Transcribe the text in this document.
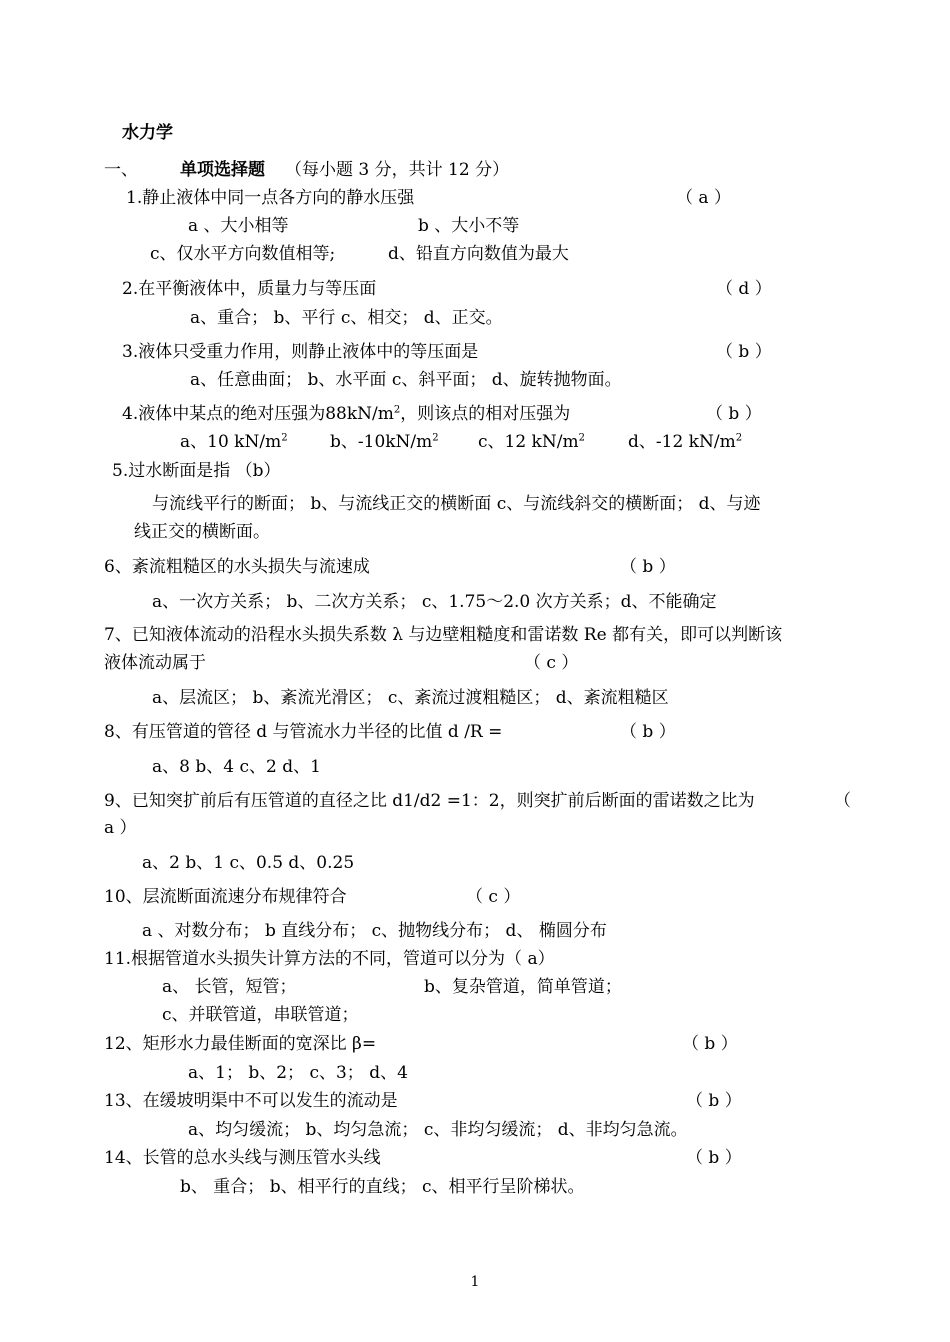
水力学
一、 单项选择题 （每小题 3 分，共计 12 分）
1.静止液体中同一点各方向的静水压强	（ a ）
a 、大小相等	b 、大小不等
c、仅水平方向数值相等;	d、铅直方向数值为最大
2.在平衡液体中，质量力与等压面	（ d ）
a、重合； b、平行 c、相交； d、正交。
3.液体只受重力作用，则静止液体中的等压面是	（ b ）
a、任意曲面； b、水平面 c、斜平面； d、旋转抛物面。
4.液体中某点的绝对压强为$88kN/m^2$，则该点的相对压强为	（ b ）
a、10 $kN/m^2$ b、$-10kN/m^2$ c、12 $kN/m^2$	d、-12 $kN/m^2$
5.过水断面是指 （b）
与流线平行的断面； b、与流线正交的横断面 c、与流线斜交的横断面； d、与迹
线正交的横断面。
6、紊流粗糙区的水头损失与流速成	（ b ）
a、一次方关系； b、二次方关系； c、1.75～2.0 次方关系；d、不能确定
7、已知液体流动的沿程水头损失系数 λ 与边壁粗糙度和雷诺数 Re 都有关，即可以判断该
液体流动属于	（ c ）
a、层流区； b、紊流光滑区； c、紊流过渡粗糙区； d、紊流粗糙区
8、有压管道的管径 d 与管流水力半径的比值 d /R =	（ b ）
a、8 b、4 c、2 d、1
9、已知突扩前后有压管道的直径之比 d1/d2 =1：2，则突扩前后断面的雷诺数之比为	（
a ）
a、2 b、1 c、0.5 d、0.25
10、层流断面流速分布规律符合	（ c ）
a 、对数分布； b 直线分布； c、抛物线分布； d、 椭圆分布
11.根据管道水头损失计算方法的不同，管道可以分为（ a）
a、 长管，短管；	b、复杂管道，简单管道；
c、并联管道，串联管道；
12、矩形水力最佳断面的宽深比 β=	（ b ）
a、1； b、2； c、3； d、4
13、在缓坡明渠中不可以发生的流动是	（ b ）
a、均匀缓流； b、均匀急流； c、非均匀缓流； d、非均匀急流。
14、长管的总水头线与测压管水头线	（ b ）
b、 重合； b、相平行的直线； c、相平行呈阶梯状。
1
